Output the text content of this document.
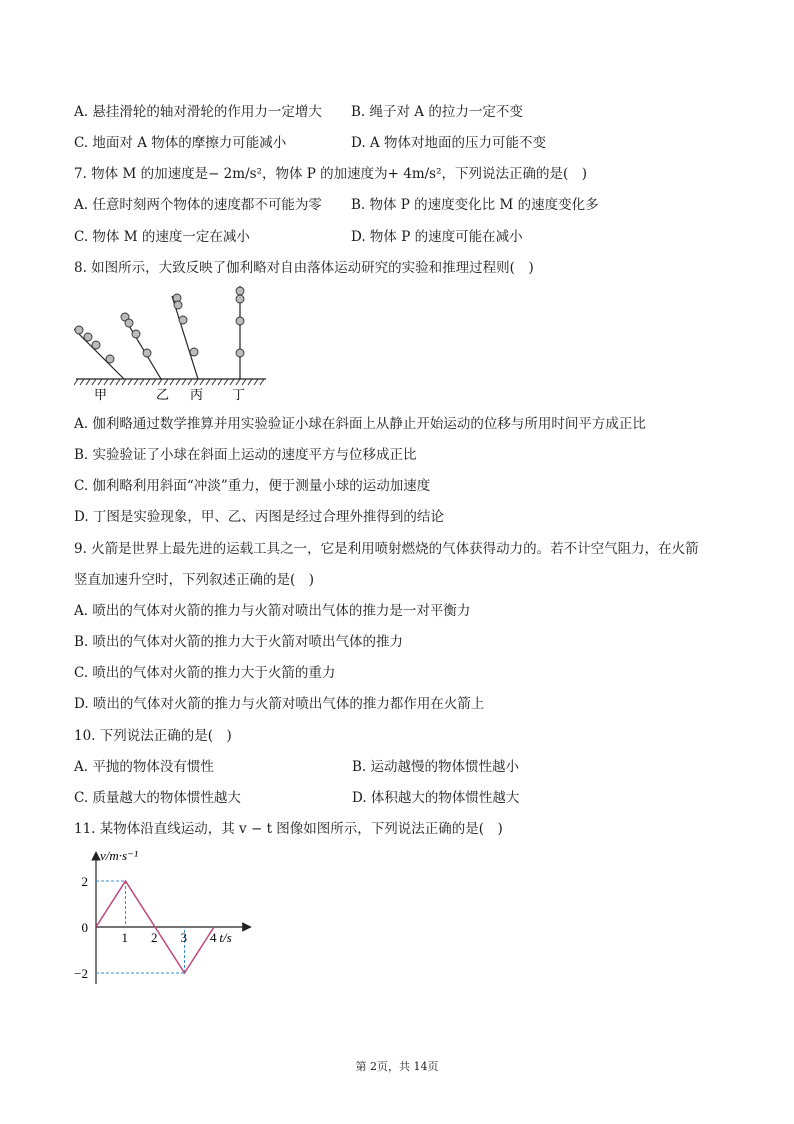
A. 悬挂滑轮的轴对滑轮的作用力一定增大 B. 绳子对 A 的拉力一定不变
C. 地面对 A 物体的摩擦力可能减小	D. A 物体对地面的压力可能不变
7. 物体 M 的加速度是− 2m/s²，物体 P 的加速度为+ 4m/s²，下列说法正确的是(　)
A. 任意时刻两个物体的速度都不可能为零 B. 物体 P 的速度变化比 M 的速度变化多
C. 物体 M 的速度一定在减小	D. 物体 P 的速度可能在减小
8. 如图所示，大致反映了伽利略对自由落体运动研究的实验和推理过程则(　)
甲	乙 丙 丁
A. 伽利略通过数学推算并用实验验证小球在斜面上从静止开始运动的位移与所用时间平方成正比
B. 实验验证了小球在斜面上运动的速度平方与位移成正比
C. 伽利略利用斜面“冲淡”重力，便于测量小球的运动加速度
D. 丁图是实验现象，甲、乙、丙图是经过合理外推得到的结论
9. 火箭是世界上最先进的运载工具之一，它是利用喷射燃烧的气体获得动力的。若不计空气阻力，在火箭
竖直加速升空时，下列叙述正确的是(　)
A. 喷出的气体对火箭的推力与火箭对喷出气体的推力是一对平衡力
B. 喷出的气体对火箭的推力大于火箭对喷出气体的推力
C. 喷出的气体对火箭的推力大于火箭的重力
D. 喷出的气体对火箭的推力与火箭对喷出气体的推力都作用在火箭上
10. 下列说法正确的是(　)
A. 平抛的物体没有惯性	B. 运动越慢的物体惯性越小
C. 质量越大的物体惯性越大	D. 体积越大的物体惯性越大
11. 某物体沿直线运动，其 v − t 图像如图所示，下列说法正确的是(　)
1 2 3 4
2
0
−2
v/m·s⁻¹
t/s
第 2页，共 14页
